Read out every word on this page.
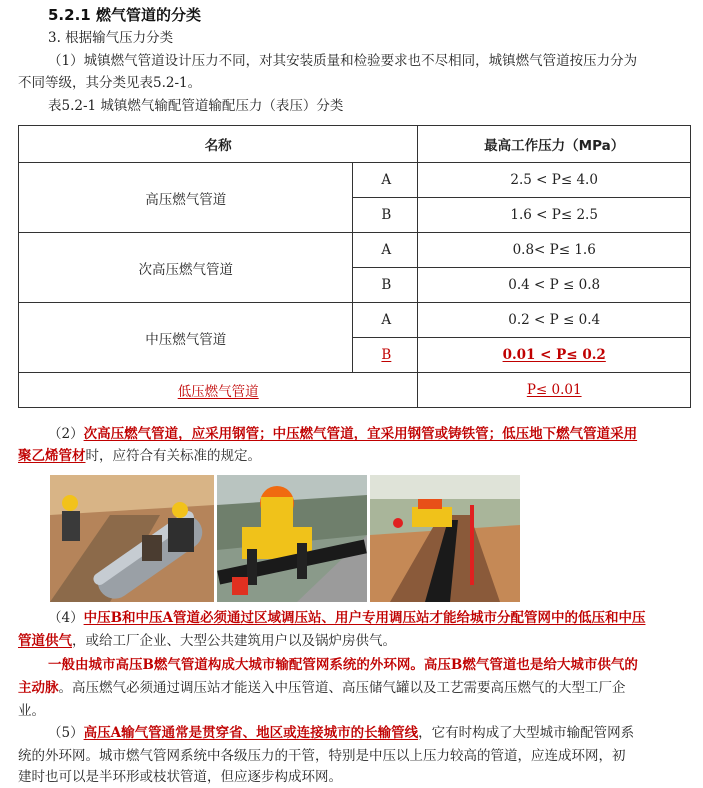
5.2.1 燃气管道的分类
3. 根据输气压力分类
（1）城镇燃气管道设计压力不同，对其安装质量和检验要求也不尽相同，城镇燃气管道按压力分为
不同等级，其分类见表5.2-1。
表5.2-1 城镇燃气输配管道输配压力（表压）分类
名称		最高工作压力（MPa）
高压燃气管道	A	2.5 < P≤ 4.0
	B	1.6 < P≤ 2.5
次高压燃气管道	A	0.8< P≤ 1.6
	B	0.4 < P ≤ 0.8
中压燃气管道	A	0.2 < P ≤ 0.4
	B	0.01 < P≤ 0.2
低压燃气管道		P≤ 0.01
（2）次高压燃气管道，应采用钢管；中压燃气管道，宜采用钢管或铸铁管；低压地下燃气管道采用
聚乙烯管材时，应符合有关标准的规定。
（4）中压B和中压A管道必须通过区域调压站、用户专用调压站才能给城市分配管网中的低压和中压
管道供气，或给工厂企业、大型公共建筑用户以及锅炉房供气。
一般由城市高压B燃气管道构成大城市输配管网系统的外环网。高压B燃气管道也是给大城市供气的
主动脉。高压燃气必须通过调压站才能送入中压管道、高压储气罐以及工艺需要高压燃气的大型工厂企
业。
（5）高压A输气管通常是贯穿省、地区或连接城市的长输管线，它有时构成了大型城市输配管网系
统的外环网。城市燃气管网系统中各级压力的干管，特别是中压以上压力较高的管道，应连成环网，初
建时也可以是半环形或枝状管道，但应逐步构成环网。
